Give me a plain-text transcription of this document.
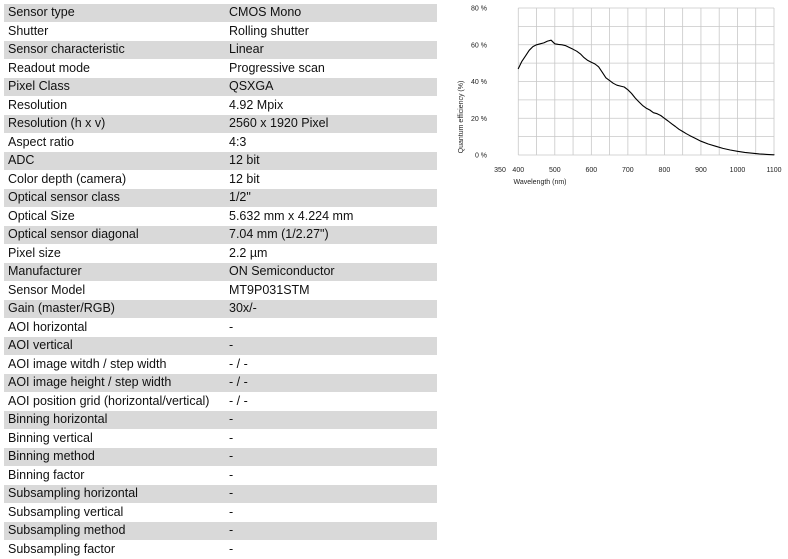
Sensor type	CMOS Mono
Shutter	Rolling shutter
Sensor characteristic	Linear
Readout mode	Progressive scan
Pixel Class	QSXGA
Resolution	4.92 Mpix
Resolution (h x v)	2560 x 1920 Pixel
Aspect ratio	4:3
ADC	12 bit
Color depth (camera)	12 bit
Optical sensor class	1/2"
Optical Size	5.632 mm x 4.224 mm
Optical sensor diagonal	7.04 mm (1/2.27")
Pixel size	2.2 µm
Manufacturer	ON Semiconductor
Sensor Model	MT9P031STM
Gain (master/RGB)	30x/-
AOI horizontal	-
AOI vertical	-
AOI image witdh / step width	- / -
AOI image height / step width	- / -
AOI position grid (horizontal/vertical)	- / -
Binning horizontal	-
Binning vertical	-
Binning method	-
Binning factor	-
Subsampling horizontal	-
Subsampling vertical	-
Subsampling method	-
Subsampling factor	-
0 %
20 %
40 %
60 %
80 %
350 400	500	600	700	800	900	1000	1100
Wavelength (nm)
Quantum efficiency (%)
